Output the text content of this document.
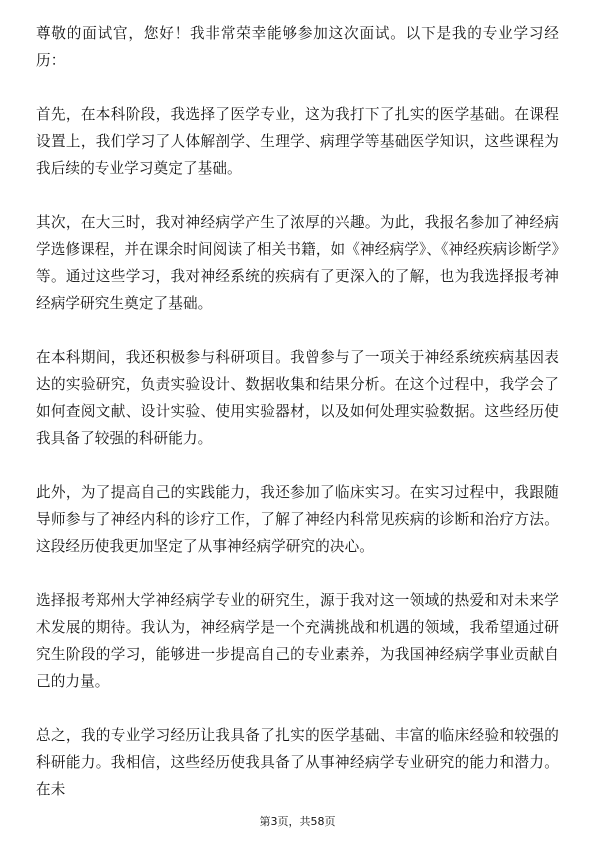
尊敬的面试官，您好！我非常荣幸能够参加这次面试。以下是我的专业学习经历：

首先，在本科阶段，我选择了医学专业，这为我打下了扎实的医学基础。在课程设置上，我们学习了人体解剖学、生理学、病理学等基础医学知识，这些课程为我后续的专业学习奠定了基础。

其次，在大三时，我对神经病学产生了浓厚的兴趣。为此，我报名参加了神经病学选修课程，并在课余时间阅读了相关书籍，如《神经病学》、《神经疾病诊断学》等。通过这些学习，我对神经系统的疾病有了更深入的了解，也为我选择报考神经病学研究生奠定了基础。

在本科期间，我还积极参与科研项目。我曾参与了一项关于神经系统疾病基因表达的实验研究，负责实验设计、数据收集和结果分析。在这个过程中，我学会了如何查阅文献、设计实验、使用实验器材，以及如何处理实验数据。这些经历使我具备了较强的科研能力。

此外，为了提高自己的实践能力，我还参加了临床实习。在实习过程中，我跟随导师参与了神经内科的诊疗工作，了解了神经内科常见疾病的诊断和治疗方法。这段经历使我更加坚定了从事神经病学研究的决心。

选择报考郑州大学神经病学专业的研究生，源于我对这一领域的热爱和对未来学术发展的期待。我认为，神经病学是一个充满挑战和机遇的领域，我希望通过研究生阶段的学习，能够进一步提高自己的专业素养，为我国神经病学事业贡献自己的力量。

总之，我的专业学习经历让我具备了扎实的医学基础、丰富的临床经验和较强的科研能力。我相信，这些经历使我具备了从事神经病学专业研究的能力和潜力。在未

第3页，共58页
